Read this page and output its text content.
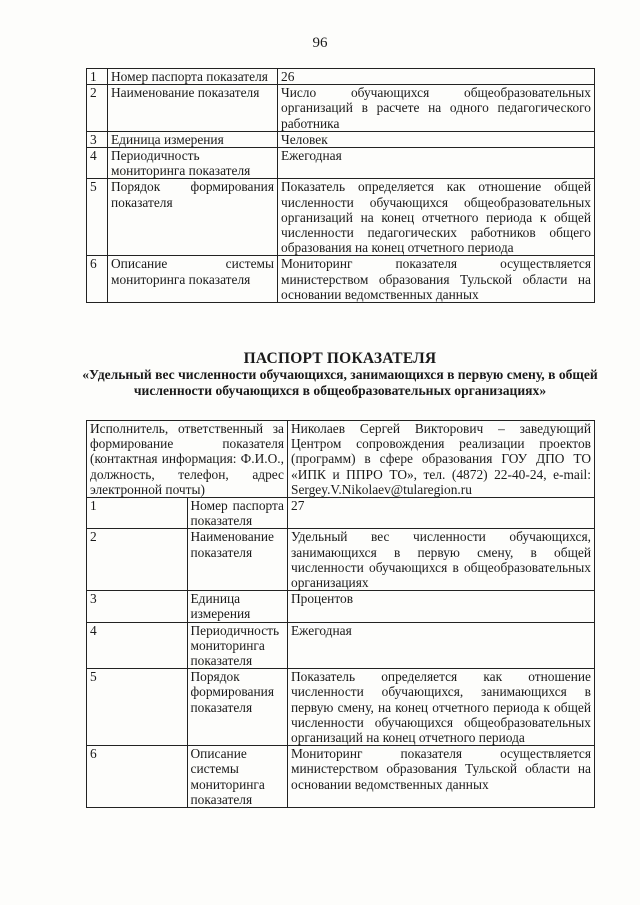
96
1	Номер паспорта показателя	26
2	Наименование показателя	Число обучающихся общеобразовательных организаций в расчете на одного педагогического работника
3	Единица измерения	Человек
4	Периодичность мониторинга показателя	Ежегодная
5	Порядок формирования показателя	Показатель определяется как отношение общей численности обучающихся общеобразовательных организаций на конец отчетного периода к общей численности педагогических работников общего образования на конец отчетного периода
6	Описание системы мониторинга показателя	Мониторинг показателя осуществляется министерством образования Тульской области на основании ведомственных данных
ПАСПОРТ ПОКАЗАТЕЛЯ
«Удельный вес численности обучающихся, занимающихся в первую смену, в общей численности обучающихся в общеобразовательных организациях»
Исполнитель, ответственный за формирование показателя (контактная информация: Ф.И.О., должность, телефон, адрес электронной почты)		Николаев Сергей Викторович – заведующий Центром сопровождения реализации проектов (программ) в сфере образования ГОУ ДПО ТО «ИПК и ППРО ТО», тел. (4872) 22-40-24, e-mail: Sergey.V.Nikolaev@tularegion.ru
1	Номер паспорта показателя	27
2	Наименование показателя	Удельный вес численности обучающихся, занимающихся в первую смену, в общей численности обучающихся в общеобразовательных организациях
3	Единица измерения	Процентов
4	Периодичность мониторинга показателя	Ежегодная
5	Порядок формирования показателя	Показатель определяется как отношение численности обучающихся, занимающихся в первую смену, на конец отчетного периода к общей численности обучающихся общеобразовательных организаций на конец отчетного периода
6	Описание системы мониторинга показателя	Мониторинг показателя осуществляется министерством образования Тульской области на основании ведомственных данных
